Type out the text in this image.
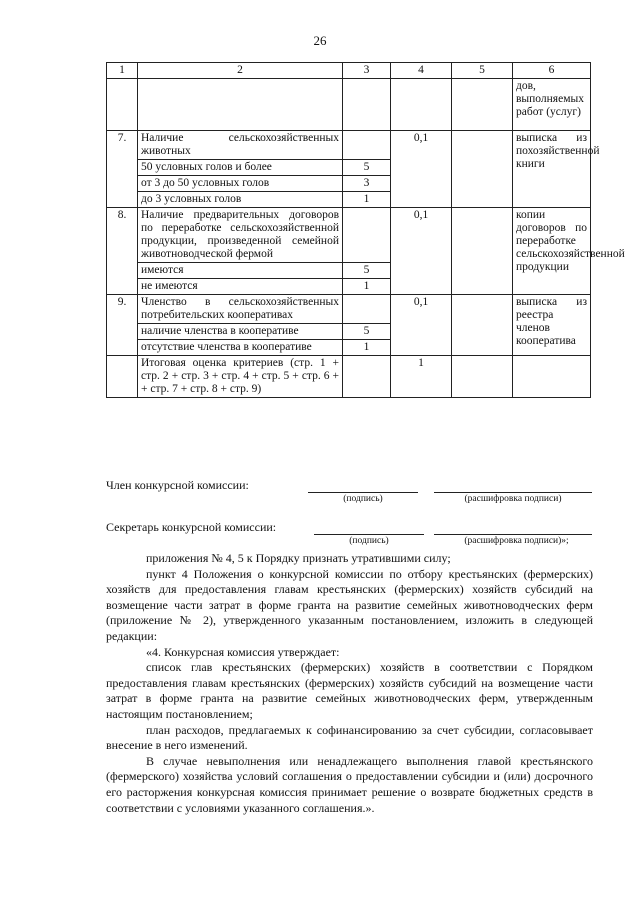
26
1	2	3	4	5	6
					дов, выполняемых работ (услуг)
7.	Наличие сельскохозяйственных животных		0,1		выписка из похозяйственной книги
	50 условных голов и более	5			
	от 3 до 50 условных голов	3			
	до 3 условных голов	1			
8.	Наличие предварительных договоров по переработке сельскохозяйственной продукции, произведенной семейной животноводческой фермой		0,1		копии договоров по переработке сельскохозяйственной продукции
	имеются	5			
	не имеются	1			
9.	Членство в сельскохозяйственных потребительских кооперативах		0,1		выписка из реестра членов кооператива
	наличие членства в кооперативе	5			
	отсутствие членства в кооперативе	1			
	Итоговая оценка критериев (стр. 1 + стр. 2 + стр. 3 + стр. 4 + стр. 5 + стр. 6 + + стр. 7 + стр. 8 + стр. 9)		1		
Член конкурсной комиссии:
(подпись)	(расшифровка подписи)
Секретарь конкурсной комиссии:
(подпись)	(расшифровка подписи)»;

приложения № 4, 5 к Порядку признать утратившими силу;

пункт 4 Положения о конкурсной комиссии по отбору крестьянских (фермерских) хозяйств для предоставления главам крестьянских (фермерских) хозяйств субсидий на возмещение части затрат в форме гранта на развитие семейных животноводческих ферм (приложение № 2), утвержденного указанным постановлением, изложить в следующей редакции:

«4. Конкурсная комиссия утверждает:

список глав крестьянских (фермерских) хозяйств в соответствии с Порядком предоставления главам крестьянских (фермерских) хозяйств субсидий на возмещение части затрат в форме гранта на развитие семейных животноводческих ферм, утвержденным настоящим постановлением;

план расходов, предлагаемых к софинансированию за счет субсидии, согласовывает внесение в него изменений.

В случае невыполнения или ненадлежащего выполнения главой крестьянского (фермерского) хозяйства условий соглашения о предоставлении субсидии и (или) досрочного его расторжения конкурсная комиссия принимает решение о возврате бюджетных средств в соответствии с условиями указанного соглашения.».
